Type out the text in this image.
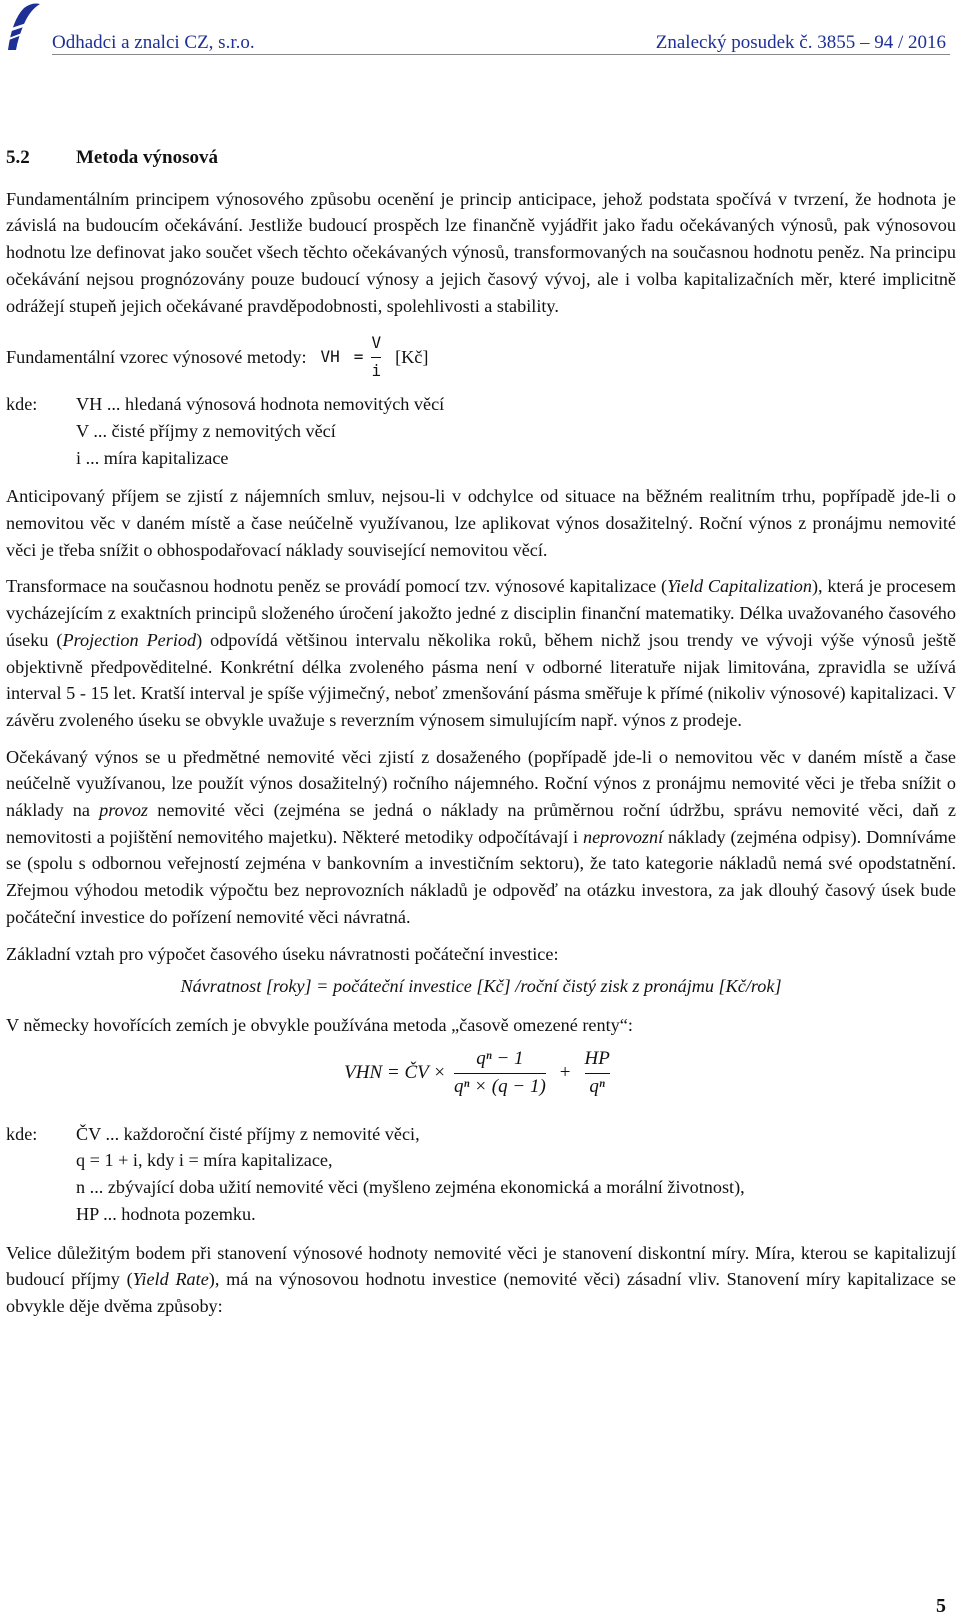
Odhadci a znalci CZ, s.r.o.	Znalecký posudek č. 3855 – 94 / 2016
5.2	Metoda výnosová

Fundamentálním principem výnosového způsobu ocenění je princip anticipace, jehož podstata spočívá v tvrzení, že hodnota je závislá na budoucím očekávání. Jestliže budoucí prospěch lze finančně vyjádřit jako řadu očekávaných výnosů, pak výnosovou hodnotu lze definovat jako součet všech těchto očekávaných výnosů, transformovaných na současnou hodnotu peněz. Na principu očekávání nejsou prognózovány pouze budoucí výnosy a jejich časový vývoj, ale i volba kapitalizačních měr, které implicitně odrážejí stupeň jejich očekávané pravděpodobnosti, spolehlivosti a stability.

Fundamentální vzorec výnosové metody: VH = $\frac{V}{i}$ [Kč]
kde:	VH ... hledaná výnosová hodnota nemovitých věcí
V ... čisté příjmy z nemovitých věcí
i ... míra kapitalizace

Anticipovaný příjem se zjistí z nájemních smluv, nejsou-li v odchylce od situace na běžném realitním trhu, popřípadě jde-li o nemovitou věc v daném místě a čase neúčelně využívanou, lze aplikovat výnos dosažitelný. Roční výnos z pronájmu nemovité věci je třeba snížit o obhospodařovací náklady související nemovitou věcí.

Transformace na současnou hodnotu peněz se provádí pomocí tzv. výnosové kapitalizace (Yield Capitalization), která je procesem vycházejícím z exaktních principů složeného úročení jakožto jedné z disciplin finanční matematiky. Délka uvažovaného časového úseku (Projection Period) odpovídá většinou intervalu několika roků, během nichž jsou trendy ve vývoji výše výnosů ještě objektivně předpověditelné. Konkrétní délka zvoleného pásma není v odborné literatuře nijak limitována, zpravidla se užívá interval 5 - 15 let. Kratší interval je spíše výjimečný, neboť zmenšování pásma směřuje k přímé (nikoliv výnosové) kapitalizaci. V závěru zvoleného úseku se obvykle uvažuje s reverzním výnosem simulujícím např. výnos z prodeje.

Očekávaný výnos se u předmětné nemovité věci zjistí z dosaženého (popřípadě jde-li o nemovitou věc v daném místě a čase neúčelně využívanou, lze použít výnos dosažitelný) ročního nájemného. Roční výnos z pronájmu nemovité věci je třeba snížit o náklady na provoz nemovité věci (zejména se jedná o náklady na průměrnou roční údržbu, správu nemovité věci, daň z nemovitosti a pojištění nemovitého majetku). Některé metodiky odpočítávají i neprovozní náklady (zejména odpisy). Domníváme se (spolu s odbornou veřejností zejména v bankovním a investičním sektoru), že tato kategorie nákladů nemá své opodstatnění. Zřejmou výhodou metodik výpočtu bez neprovozních nákladů je odpověď na otázku investora, za jak dlouhý časový úsek bude počáteční investice do pořízení nemovité věci návratná.

Základní vztah pro výpočet časového úseku návratnosti počáteční investice:

Návratnost [roky] = počáteční investice [Kč] /roční čistý zisk z pronájmu [Kč/rok]

V německy hovořících zemích je obvykle používána metoda „časově omezené renty“:

VHN = ČV × $\frac{\text{qⁿ − 1}}{\text{qⁿ × (q − 1)}} + \frac{HP}{\text{qⁿ}}$
kde:	ČV ... každoroční čisté příjmy z nemovité věci,
q = 1 + i, kdy i = míra kapitalizace,
n ... zbývající doba užití nemovité věci (myšleno zejména ekonomická a morální životnost),
HP ... hodnota pozemku.

Velice důležitým bodem při stanovení výnosové hodnoty nemovité věci je stanovení diskontní míry. Míra, kterou se kapitalizují budoucí příjmy (Yield Rate), má na výnosovou hodnotu investice (nemovité věci) zásadní vliv. Stanovení míry kapitalizace se obvykle děje dvěma způsoby:

5
